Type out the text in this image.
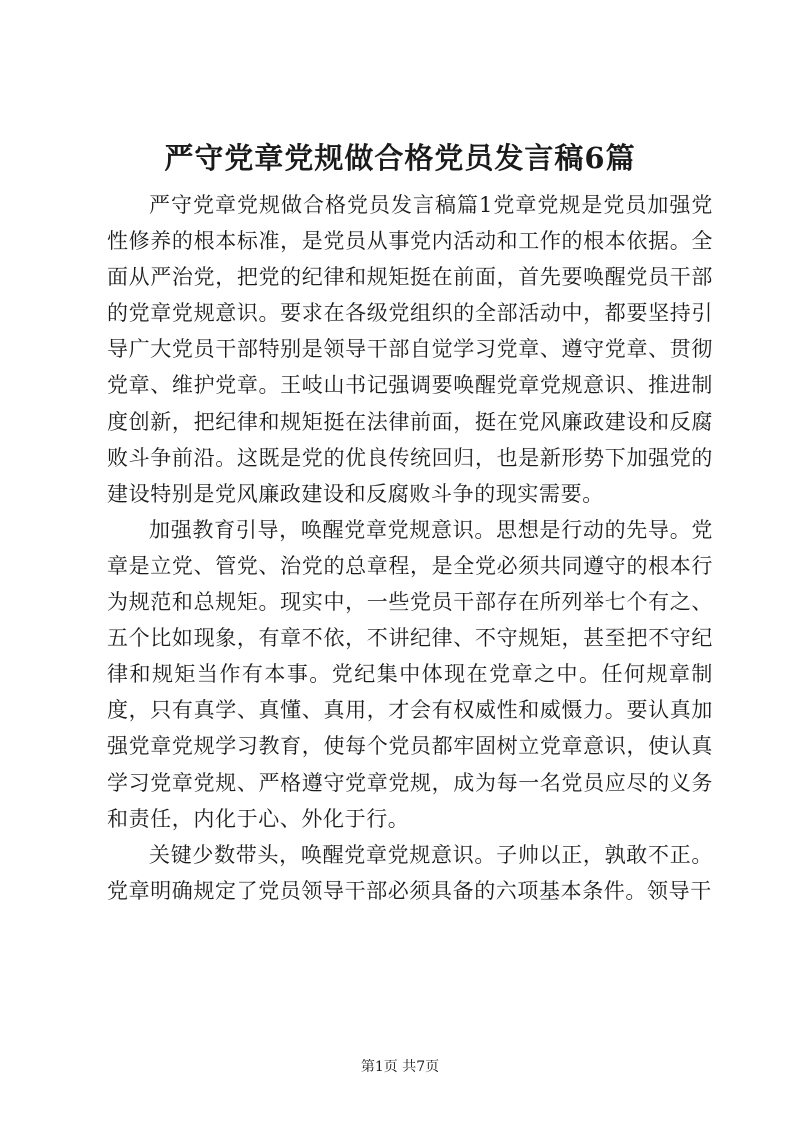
严守党章党规做合格党员发言稿6篇

严守党章党规做合格党员发言稿篇1党章党规是党员加强党性修养的根本标准，是党员从事党内活动和工作的根本依据。全面从严治党，把党的纪律和规矩挺在前面，首先要唤醒党员干部的党章党规意识。要求在各级党组织的全部活动中，都要坚持引导广大党员干部特别是领导干部自觉学习党章、遵守党章、贯彻党章、维护党章。王岐山书记强调要唤醒党章党规意识、推进制度创新，把纪律和规矩挺在法律前面，挺在党风廉政建设和反腐败斗争前沿。这既是党的优良传统回归，也是新形势下加强党的建设特别是党风廉政建设和反腐败斗争的现实需要。

加强教育引导，唤醒党章党规意识。思想是行动的先导。党章是立党、管党、治党的总章程，是全党必须共同遵守的根本行为规范和总规矩。现实中，一些党员干部存在所列举七个有之、五个比如现象，有章不依，不讲纪律、不守规矩，甚至把不守纪律和规矩当作有本事。党纪集中体现在党章之中。任何规章制度，只有真学、真懂、真用，才会有权威性和威慑力。要认真加强党章党规学习教育，使每个党员都牢固树立党章意识，使认真学习党章党规、严格遵守党章党规，成为每一名党员应尽的义务和责任，内化于心、外化于行。

关键少数带头，唤醒党章党规意识。子帅以正，孰敢不正。党章明确规定了党员领导干部必须具备的六项基本条件。领导干

第1页 共7页
